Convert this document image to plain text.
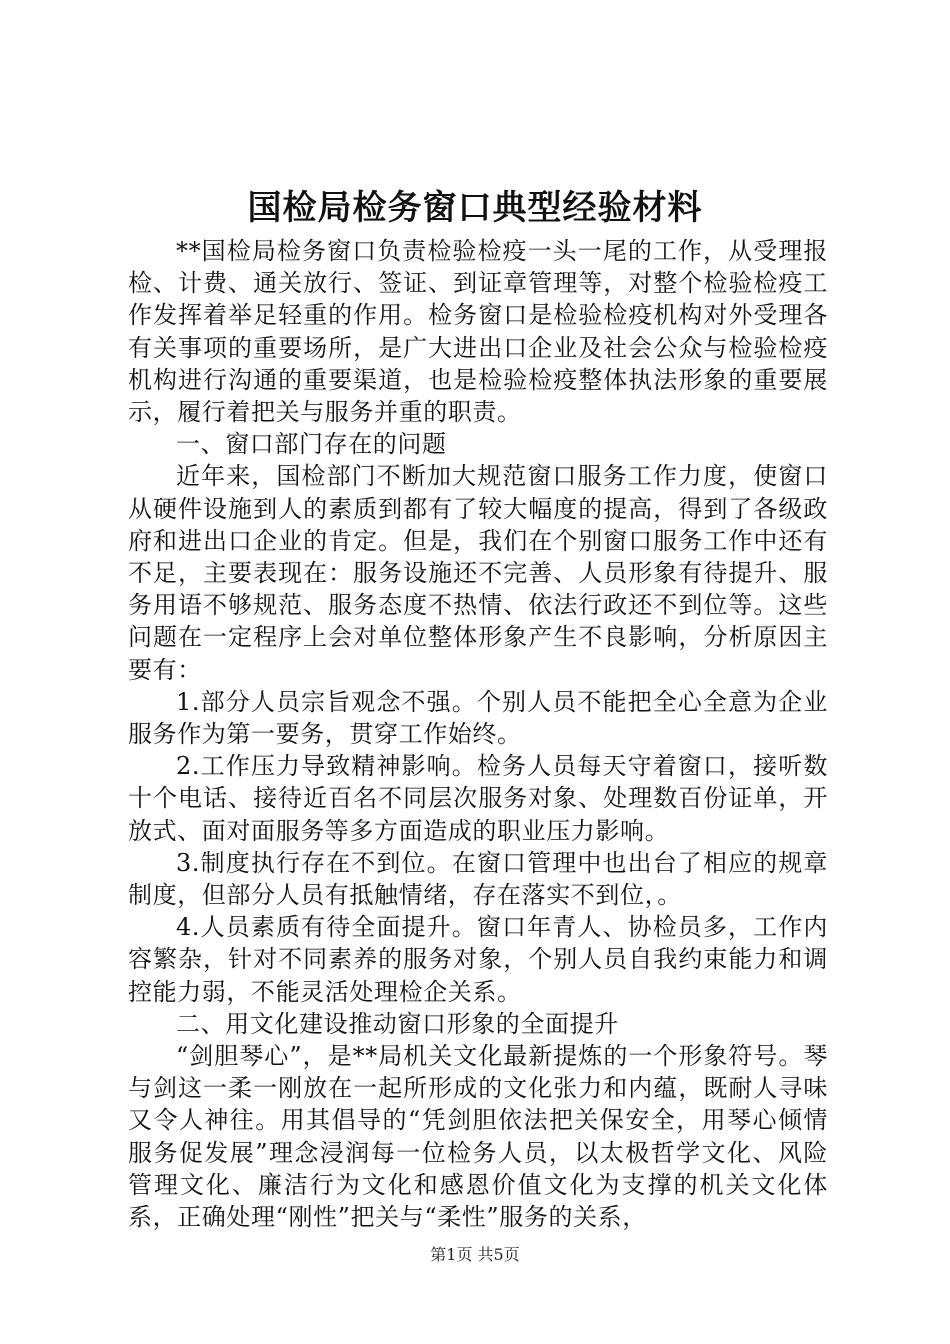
国检局检务窗口典型经验材料

**国检局检务窗口负责检验检疫一头一尾的工作，从受理报检、计费、通关放行、签证、到证章管理等，对整个检验检疫工作发挥着举足轻重的作用。检务窗口是检验检疫机构对外受理各有关事项的重要场所，是广大进出口企业及社会公众与检验检疫机构进行沟通的重要渠道，也是检验检疫整体执法形象的重要展示，履行着把关与服务并重的职责。

一、窗口部门存在的问题

近年来，国检部门不断加大规范窗口服务工作力度，使窗口从硬件设施到人的素质到都有了较大幅度的提高，得到了各级政府和进出口企业的肯定。但是，我们在个别窗口服务工作中还有不足，主要表现在：服务设施还不完善、人员形象有待提升、服务用语不够规范、服务态度不热情、依法行政还不到位等。这些问题在一定程序上会对单位整体形象产生不良影响，分析原因主要有：

1.部分人员宗旨观念不强。个别人员不能把全心全意为企业服务作为第一要务，贯穿工作始终。

2.工作压力导致精神影响。检务人员每天守着窗口，接听数十个电话、接待近百名不同层次服务对象、处理数百份证单，开放式、面对面服务等多方面造成的职业压力影响。

3.制度执行存在不到位。在窗口管理中也出台了相应的规章制度，但部分人员有抵触情绪，存在落实不到位，。

4.人员素质有待全面提升。窗口年青人、协检员多，工作内容繁杂，针对不同素养的服务对象，个别人员自我约束能力和调控能力弱，不能灵活处理检企关系。

二、用文化建设推动窗口形象的全面提升

“剑胆琴心”，是**局机关文化最新提炼的一个形象符号。琴与剑这一柔一刚放在一起所形成的文化张力和内蕴，既耐人寻味又令人神往。用其倡导的“凭剑胆依法把关保安全，用琴心倾情服务促发展”理念浸润每一位检务人员，以太极哲学文化、风险管理文化、廉洁行为文化和感恩价值文化为支撑的机关文化体系，正确处理“刚性”把关与“柔性”服务的关系，

第1页 共5页
